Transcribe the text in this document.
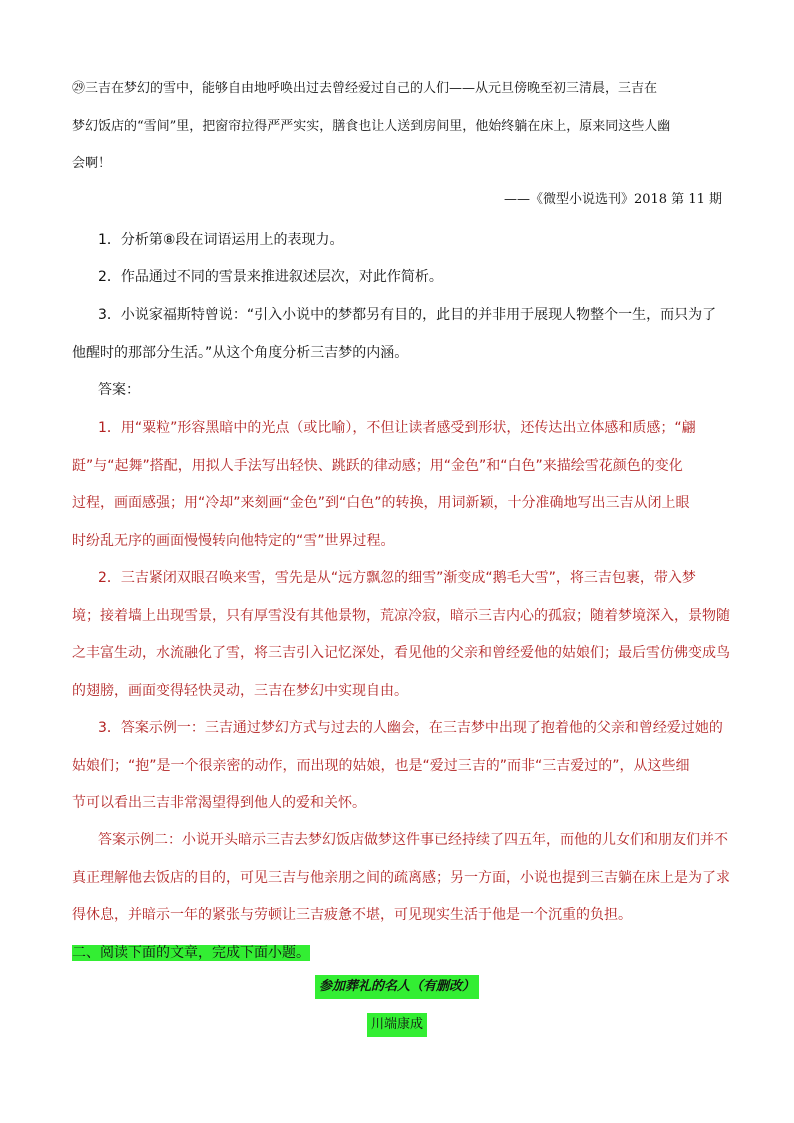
㉙三吉在梦幻的雪中，能够自由地呼唤出过去曾经爱过自己的人们——从元旦傍晚至初三清晨，三吉在
梦幻饭店的“雪间”里，把窗帘拉得严严实实，膳食也让人送到房间里，他始终躺在床上，原来同这些人幽
会啊！
——《微型小说选刊》2018 第 11 期
1．分析第⑧段在词语运用上的表现力。
2．作品通过不同的雪景来推进叙述层次，对此作简析。
3．小说家福斯特曾说：“引入小说中的梦都另有目的，此目的并非用于展现人物整个一生，而只为了
他醒时的那部分生活。”从这个角度分析三吉梦的内涵。
答案：
1．用“粟粒”形容黑暗中的光点（或比喻），不但让读者感受到形状，还传达出立体感和质感；“翩
跹”与“起舞”搭配，用拟人手法写出轻快、跳跃的律动感；用“金色”和“白色”来描绘雪花颜色的变化
过程，画面感强；用“冷却”来刻画“金色”到“白色”的转换，用词新颖，十分准确地写出三吉从闭上眼
时纷乱无序的画面慢慢转向他特定的“雪”世界过程。
2．三吉紧闭双眼召唤来雪，雪先是从“远方飘忽的细雪”渐变成“鹅毛大雪”，将三吉包裹，带入梦
境；接着墙上出现雪景，只有厚雪没有其他景物，荒凉冷寂，暗示三吉内心的孤寂；随着梦境深入，景物随
之丰富生动，水流融化了雪，将三吉引入记忆深处，看见他的父亲和曾经爱他的姑娘们；最后雪仿佛变成鸟
的翅膀，画面变得轻快灵动，三吉在梦幻中实现自由。
3．答案示例一：三吉通过梦幻方式与过去的人幽会，在三吉梦中出现了抱着他的父亲和曾经爱过她的
姑娘们；“抱”是一个很亲密的动作，而出现的姑娘，也是“爱过三吉的”而非“三吉爱过的”，从这些细
节可以看出三吉非常渴望得到他人的爱和关怀。
答案示例二：小说开头暗示三吉去梦幻饭店做梦这件事已经持续了四五年，而他的儿女们和朋友们并不
真正理解他去饭店的目的，可见三吉与他亲朋之间的疏离感；另一方面，小说也提到三吉躺在床上是为了求
得休息，并暗示一年的紧张与劳顿让三吉疲惫不堪，可见现实生活于他是一个沉重的负担。
二、阅读下面的文章，完成下面小题。
参加葬礼的名人（有删改）
川端康成
